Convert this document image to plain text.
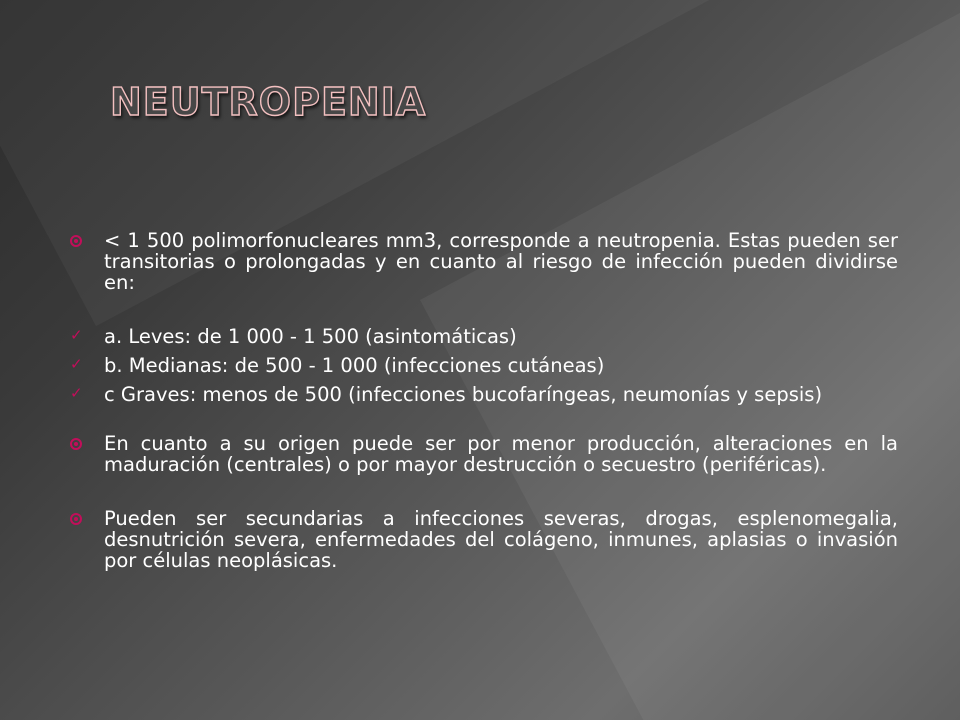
NEUTROPENIA
< 1 500 polimorfonucleares mm3, corresponde a neutropenia. Estas pueden ser transitorias o prolongadas y en cuanto al riesgo de infección pueden dividirse en:
✓ a. Leves: de 1 000 - 1 500 (asintomáticas)
✓ b. Medianas: de 500 - 1 000 (infecciones cutáneas)
✓ c Graves: menos de 500 (infecciones bucofaríngeas, neumonías y sepsis)
En cuanto a su origen puede ser por menor producción, alteraciones en la maduración (centrales) o por mayor destrucción o secuestro (periféricas).
Pueden ser secundarias a infecciones severas, drogas, esplenomegalia, desnutrición severa, enfermedades del colágeno, inmunes, aplasias o invasión por células neoplásicas.
